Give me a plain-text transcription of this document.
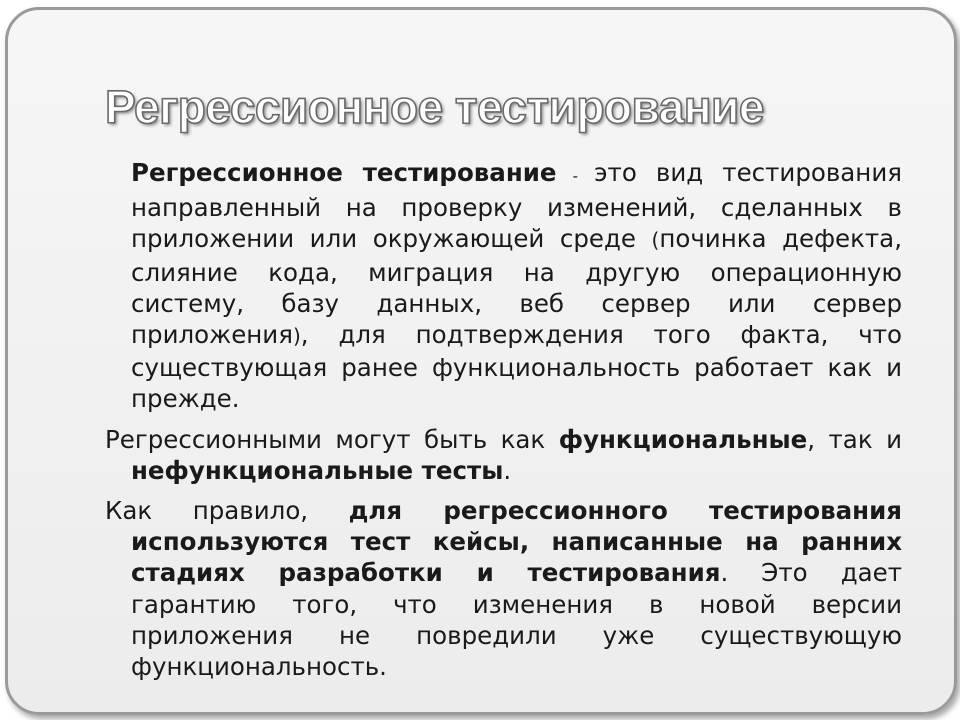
Регрессионное тестирование

Регрессионное тестирование - это вид тестирования направленный на проверку изменений, сделанных в приложении или окружающей среде (починка дефекта, слияние кода, миграция на другую операционную систему, базу данных, веб сервер или сервер приложения), для подтверждения того факта, что существующая ранее функциональность работает как и прежде.

Регрессионными могут быть как функциональные, так и нефункциональные тесты.

Как правило, для регрессионного тестирования используются тест кейсы, написанные на ранних стадиях разработки и тестирования. Это дает гарантию того, что изменения в новой версии приложения не повредили уже существующую функциональность.
